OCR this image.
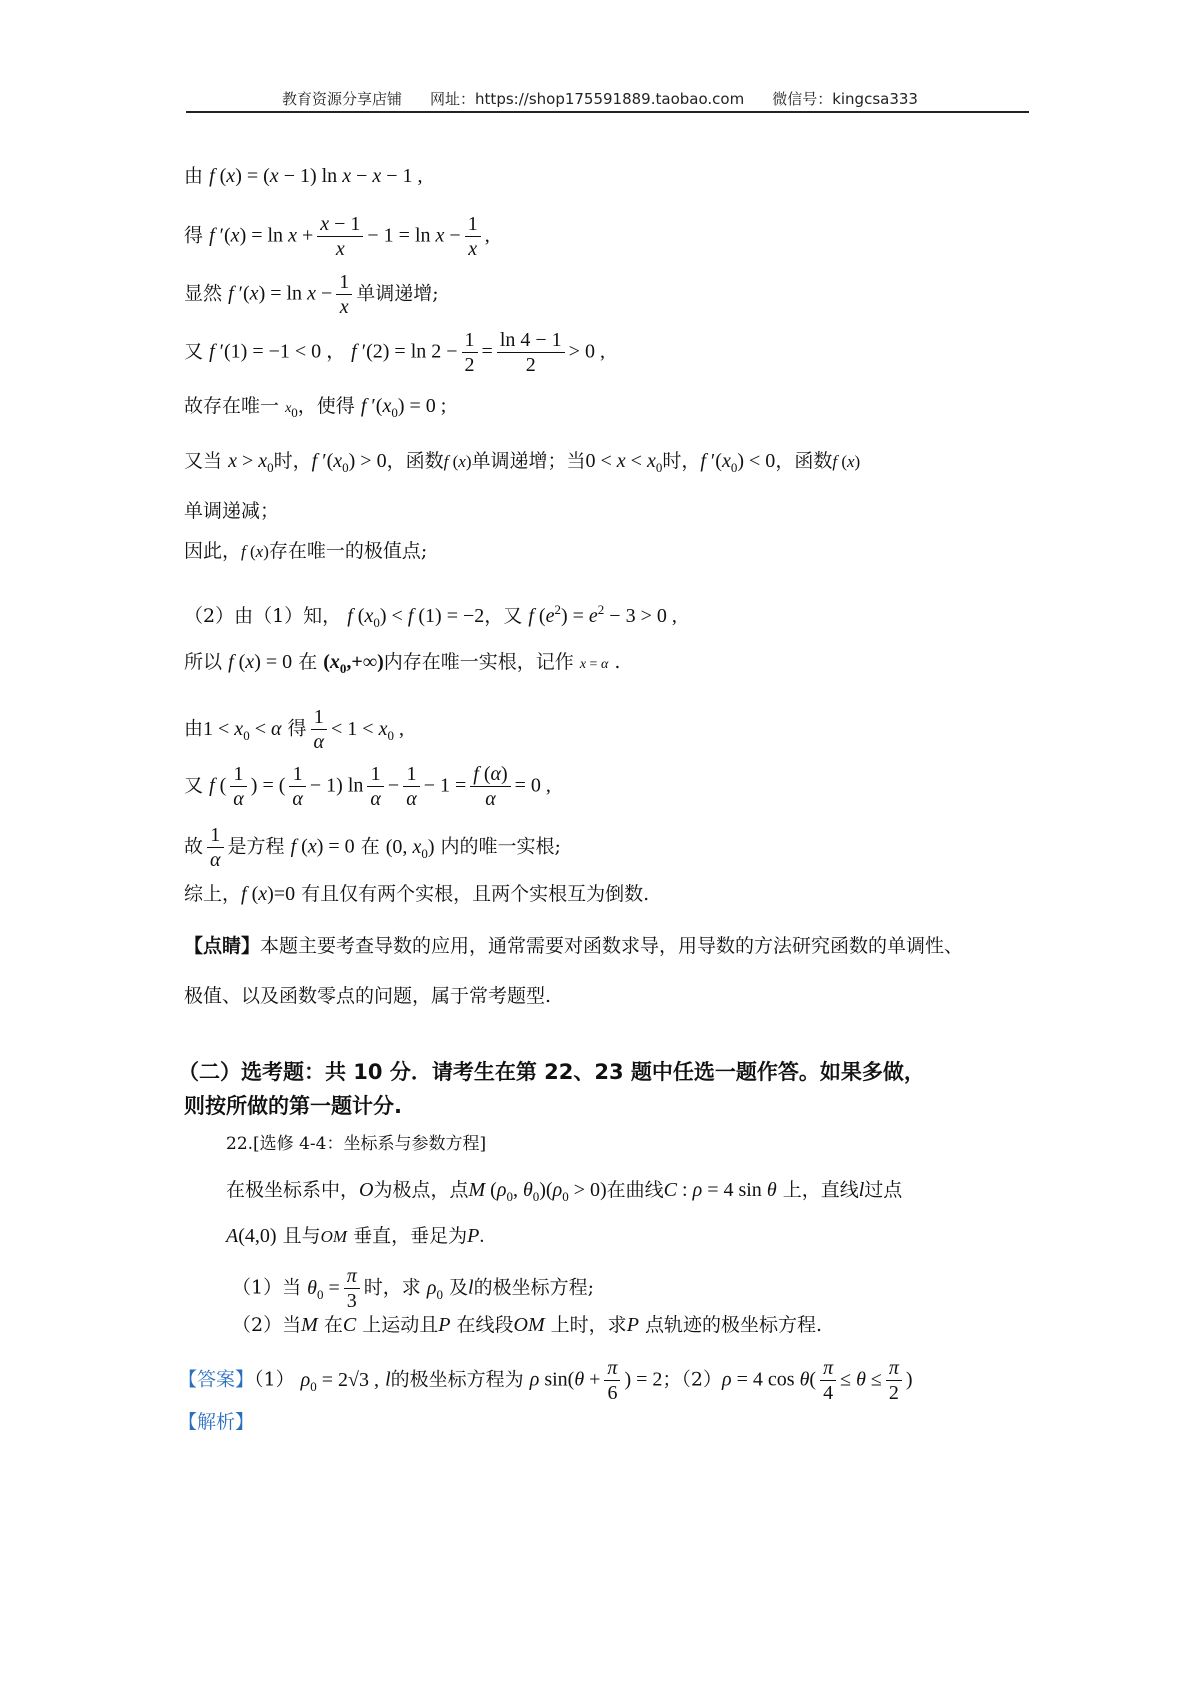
教育资源分享店铺 网址：https://shop175591889.taobao.com 微信号：kingcsa333
由 f (x) = (x − 1) ln x − x − 1 ,
得 f $'(x) = \ln x + \frac{x - 1}{x} - 1 = \ln x - \frac{1}{x}$ ,
显然 f $'(x) = \ln x - \frac{1}{x}$ 单调递增;
又 f ′(1) = −1 < 0 ， f $'(2) = \ln 2 - \frac{1}{2} = \frac{\ln 4 - 1}{2} > 0$ ,
故存在唯一 x0，使得 f $'(x_0) = 0$ ;
又当 $x > x_0$时，f $'(x_0) > 0$，函数f (x)单调递增；当$0 < x < x_0$时，f $'(x_0) < 0$，函数f (x)
单调递减；
因此，f (x)存在唯一的极值点;
（2）由（1）知， f $(x_0) < f$ (1) = −2，又 f $(e^2) = e^2 - 3 > 0$ ,
所以 f (x) = 0 在 $(x_0,+\infty)$内存在唯一实根，记作 x = α .
由$1 < x_0 < \alpha$ 得 $\frac{1}{\alpha} < 1 < x_0$ ,
又 f ( $\frac{1}{\alpha}$ ) = ( $\frac{1}{\alpha} - 1$) $\ln \frac{1}{\alpha} - \frac{1}{\alpha} - 1 = \frac{f (\alpha)}{\alpha} = 0$ ,
故 $\frac{1}{\alpha}$ 是方程 f (x) = 0 在 (0, $x_0$) 内的唯一实根;
综上，f (x)=0 有且仅有两个实根，且两个实根互为倒数.
【点睛】本题主要考查导数的应用，通常需要对函数求导，用导数的方法研究函数的单调性、
极值、以及函数零点的问题，属于常考题型.
（二）选考题：共 10 分．请考生在第 22、23 题中任选一题作答。如果多做，
则按所做的第一题计分.
22.[选修 4-4：坐标系与参数方程]
在极坐标系中，O为极点，点M ($\rho_0$, $\theta_0)(\rho_0 > 0)$在曲线C : ρ = 4 sin θ 上，直线l过点
A(4,0) 且与OM 垂直，垂足为P.
（1）当 $\theta_0 = \frac{\pi}{3}$ 时，求 $\rho_0$ 及l的极坐标方程;
（2）当M 在C 上运动且P 在线段OM 上时，求P 点轨迹的极坐标方程.
【答案】（1） $\rho_0 = 2√3$ , l的极坐标方程为 ρ $\sin(\theta + \frac{\pi}{6}$ ) = 2；（2）ρ = 4 $\cos \theta( \frac{\pi}{4} \le \theta \le \frac{\pi}{2}$ )
【解析】
